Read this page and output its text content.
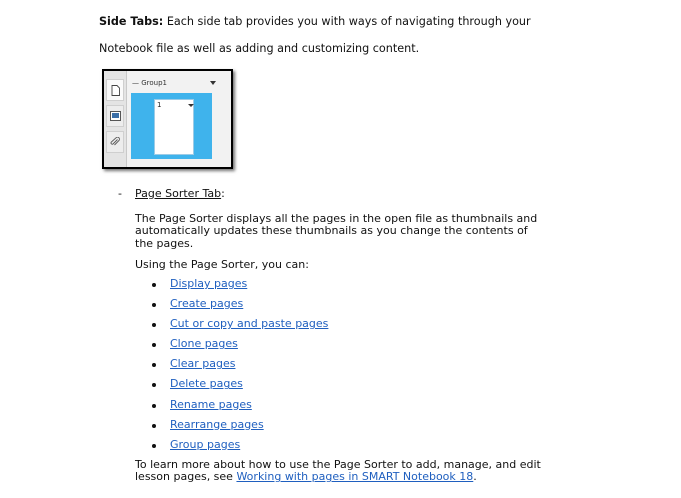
Side Tabs: Each side tab provides you with ways of navigating through your
Notebook file as well as adding and customizing content.
— Group1
1
- Page Sorter Tab:
The Page Sorter displays all the pages in the open file as thumbnails and automatically updates these thumbnails as you change the contents of the pages.
Using the Page Sorter, you can:
Display pages
Create pages
Cut or copy and paste pages
Clone pages
Clear pages
Delete pages
Rename pages
Rearrange pages
Group pages
To learn more about how to use the Page Sorter to add, manage, and edit lesson pages, see Working with pages in SMART Notebook 18.
